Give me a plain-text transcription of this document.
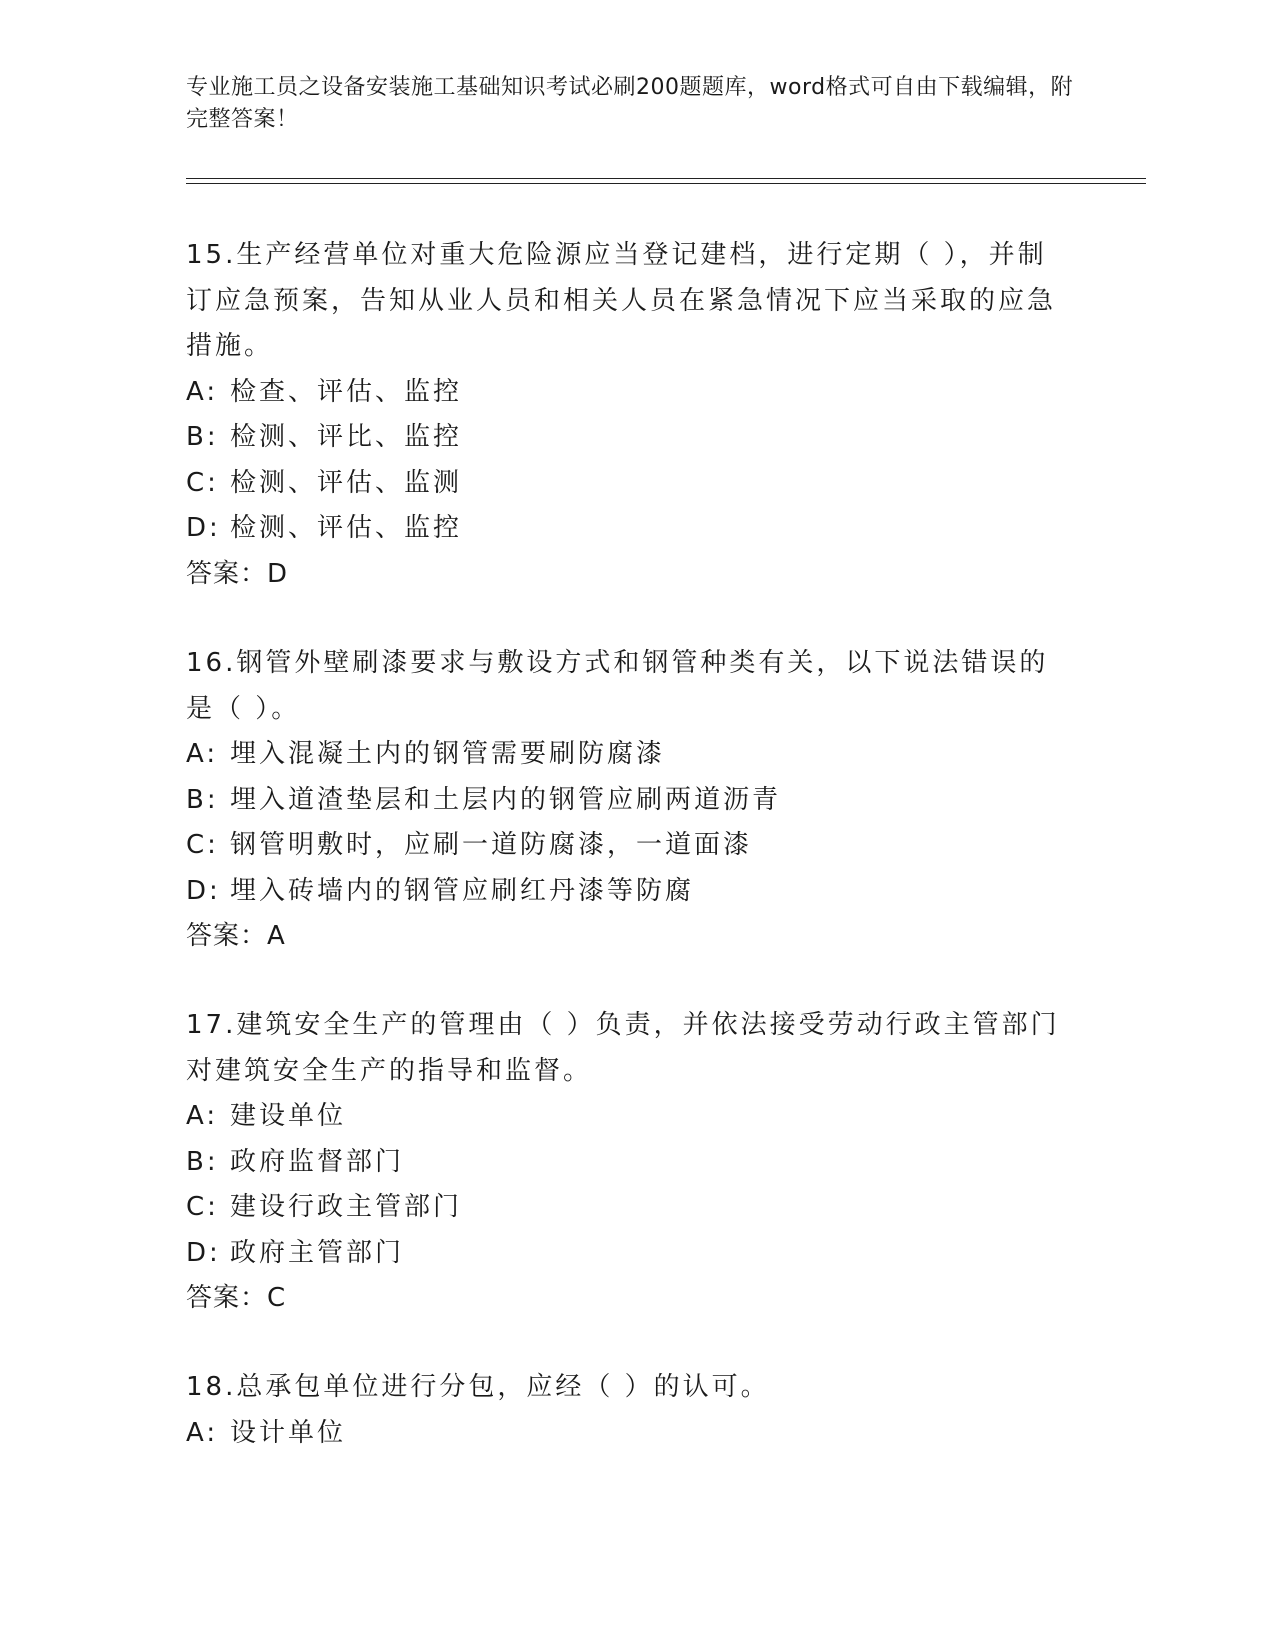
专业施工员之设备安装施工基础知识考试必刷200题题库，word格式可自由下载编辑，附完整答案！
15.生产经营单位对重大危险源应当登记建档，进行定期（ ），并制订应急预案，告知从业人员和相关人员在紧急情况下应当采取的应急措施。
A: 检查、评估、监控
B: 检测、评比、监控
C: 检测、评估、监测
D: 检测、评估、监控
答案：D
16.钢管外壁刷漆要求与敷设方式和钢管种类有关，以下说法错误的是（ ）。
A: 埋入混凝土内的钢管需要刷防腐漆
B: 埋入道渣垫层和土层内的钢管应刷两道沥青
C: 钢管明敷时，应刷一道防腐漆，一道面漆
D: 埋入砖墙内的钢管应刷红丹漆等防腐
答案：A
17.建筑安全生产的管理由（ ）负责，并依法接受劳动行政主管部门对建筑安全生产的指导和监督。
A: 建设单位
B: 政府监督部门
C: 建设行政主管部门
D: 政府主管部门
答案：C
18.总承包单位进行分包，应经（ ）的认可。
A: 设计单位
